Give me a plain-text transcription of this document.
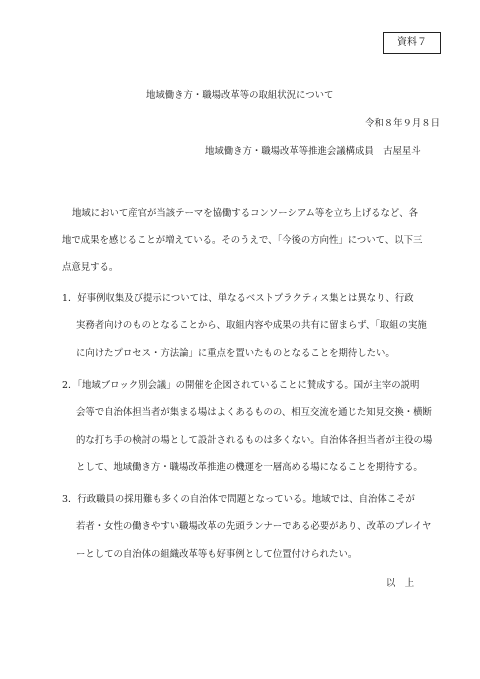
資料７
地域働き方・職場改革等の取組状況について
令和８年９月８日
地域働き方・職場改革等推進会議構成員　古屋星斗
地域において産官が当該テーマを協働するコンソーシアム等を立ち上げるなど、各
地で成果を感じることが増えている。そのうえで、「今後の方向性」について、以下三
点意見する。
1．好事例収集及び提示については、単なるベストプラクティス集とは異なり、行政
実務者向けのものとなることから、取組内容や成果の共有に留まらず、「取組の実施
に向けたプロセス・方法論」に重点を置いたものとなることを期待したい。
2．「地域ブロック別会議」の開催を企図されていることに賛成する。国が主宰の説明
会等で自治体担当者が集まる場はよくあるものの、相互交流を通じた知見交換・横断
的な打ち手の検討の場として設計されるものは多くない。自治体各担当者が主役の場
として、地域働き方・職場改革推進の機運を一層高める場になることを期待する。
3．行政職員の採用難も多くの自治体で問題となっている。地域では、自治体こそが
若者・女性の働きやすい職場改革の先頭ランナーである必要があり、改革のプレイヤ
ーとしての自治体の組織改革等も好事例として位置付けられたい。
以　上
